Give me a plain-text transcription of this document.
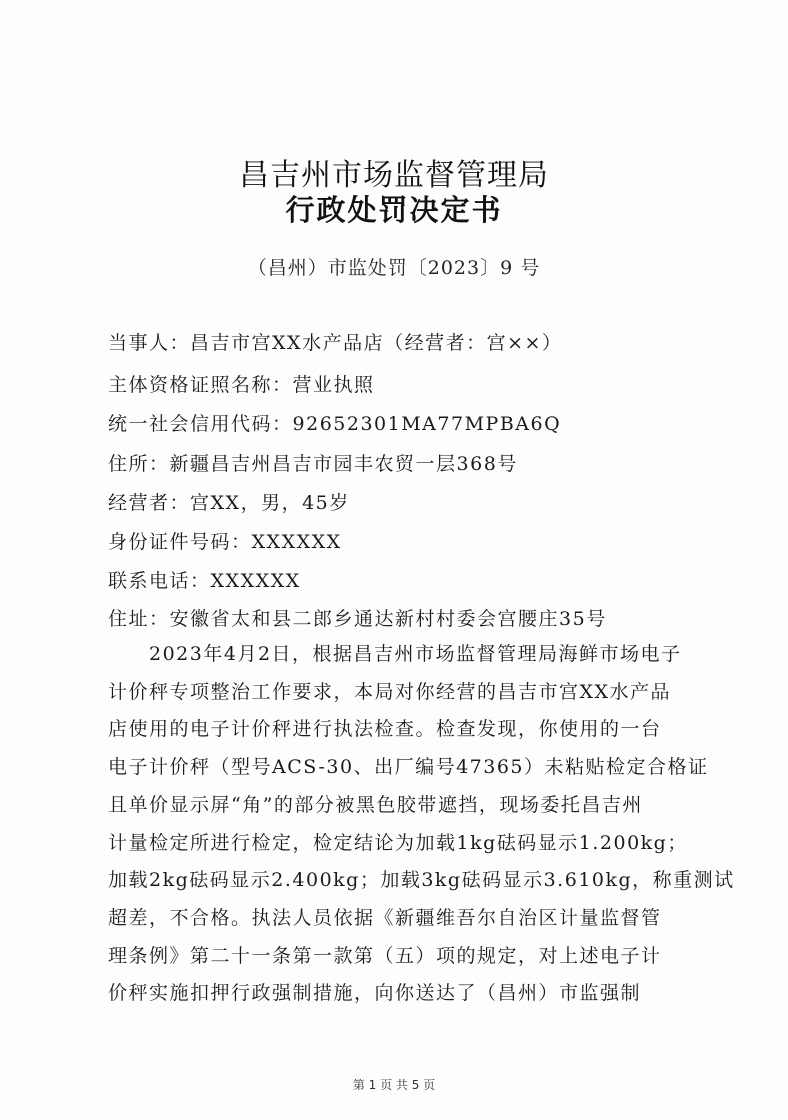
昌吉州市场监督管理局
行政处罚决定书
（昌州）市监处罚〔2023〕9 号
当事人：昌吉市宫XX水产品店（经营者：宫××）
主体资格证照名称：营业执照
统一社会信用代码：92652301MA77MPBA6Q
住所：新疆昌吉州昌吉市园丰农贸一层368号
经营者：宫XX，男，45岁
身份证件号码：XXXXXX
联系电话：XXXXXX
住址：安徽省太和县二郎乡通达新村村委会宫腰庄35号
　　2023年4月2日，根据昌吉州市场监督管理局海鲜市场电子
计价秤专项整治工作要求，本局对你经营的昌吉市宫XX水产品
店使用的电子计价秤进行执法检查。检查发现，你使用的一台
电子计价秤（型号ACS-30、出厂编号47365）未粘贴检定合格证
且单价显示屏“角”的部分被黑色胶带遮挡，现场委托昌吉州
计量检定所进行检定，检定结论为加载1kg砝码显示1.200kg；
加载2kg砝码显示2.400kg；加载3kg砝码显示3.610kg，称重测试
超差，不合格。执法人员依据《新疆维吾尔自治区计量监督管
理条例》第二十一条第一款第（五）项的规定，对上述电子计
价秤实施扣押行政强制措施，向你送达了（昌州）市监强制
第 1 页 共 5 页
